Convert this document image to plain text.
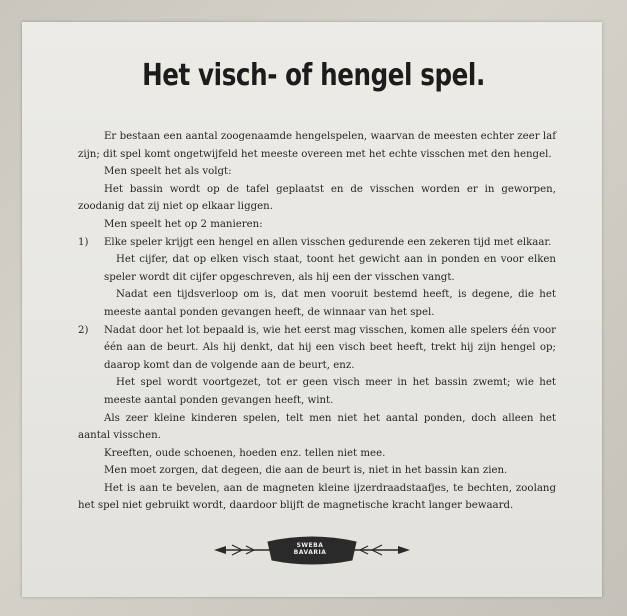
Het visch- of hengel spel.

Er bestaan een aantal zoogenaamde hengelspelen, waarvan de meesten echter zeer laf zijn; dit spel komt ongetwijfeld het meeste overeen met het echte visschen met den hengel.

Men speelt het als volgt:

Het bassin wordt op de tafel geplaatst en de visschen worden er in geworpen, zoodanig dat zij niet op elkaar liggen.

Men speelt het op 2 manieren:

1)	Elke speler krijgt een hengel en allen visschen gedurende een zekeren tijd met elkaar.

Het cijfer, dat op elken visch staat, toont het gewicht aan in ponden en voor elken speler wordt dit cijfer opgeschreven, als hij een der visschen vangt.

Nadat een tijdsverloop om is, dat men vooruit bestemd heeft, is degene, die het meeste aantal ponden gevangen heeft, de winnaar van het spel.

2)	Nadat door het lot bepaald is, wie het eerst mag visschen, komen alle spelers één voor één aan de beurt. Als hij denkt, dat hij een visch beet heeft, trekt hij zijn hengel op; daarop komt dan de volgende aan de beurt, enz.

Het spel wordt voortgezet, tot er geen visch meer in het bassin zwemt; wie het meeste aantal ponden gevangen heeft, wint.

Als zeer kleine kinderen spelen, telt men niet het aantal ponden, doch alleen het aantal visschen.

Kreeften, oude schoenen, hoeden enz. tellen niet mee.

Men moet zorgen, dat degeen, die aan de beurt is, niet in het bassin kan zien.

Het is aan te bevelen, aan de magneten kleine ijzerdraadstaafjes, te bechten, zoolang het spel niet gebruikt wordt, daardoor blijft de magnetische kracht langer bewaard.

SWEBA
BAVARIA
